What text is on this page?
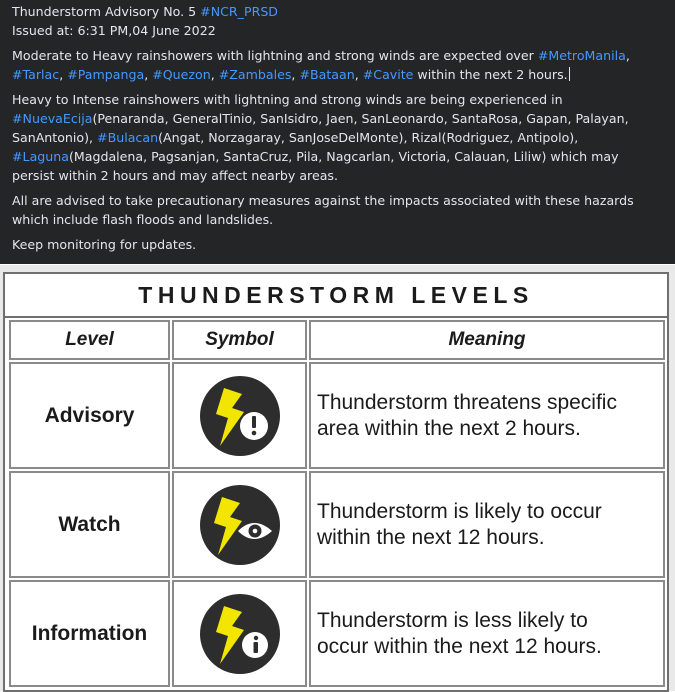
Thunderstorm Advisory No. 5 #NCR_PRSD

Issued at: 6:31 PM,04 June 2022

Moderate to Heavy rainshowers with lightning and strong winds are expected over #MetroManila, #Tarlac, #Pampanga, #Quezon, #Zambales, #Bataan, #Cavite within the next 2 hours.

Heavy to Intense rainshowers with lightning and strong winds are being experienced in
#NuevaEcija(Penaranda, GeneralTinio, SanIsidro, Jaen, SanLeonardo, SantaRosa, Gapan, Palayan, SanAntonio), #Bulacan(Angat, Norzagaray, SanJoseDelMonte), Rizal(Rodriguez, Antipolo),
#Laguna(Magdalena, Pagsanjan, SantaCruz, Pila, Nagcarlan, Victoria, Calauan, Liliw) which may persist within 2 hours and may affect nearby areas.

All are advised to take precautionary measures against the impacts associated with these hazards which include flash floods and landslides.

Keep monitoring for updates.

THUNDERSTORM LEVELS
Level	Symbol	Meaning
Advisory		Thunderstorm threatens specific
area within the next 2 hours.
Watch		Thunderstorm is likely to occur
within the next 12 hours.
Information		Thunderstorm is less likely to
occur within the next 12 hours.
